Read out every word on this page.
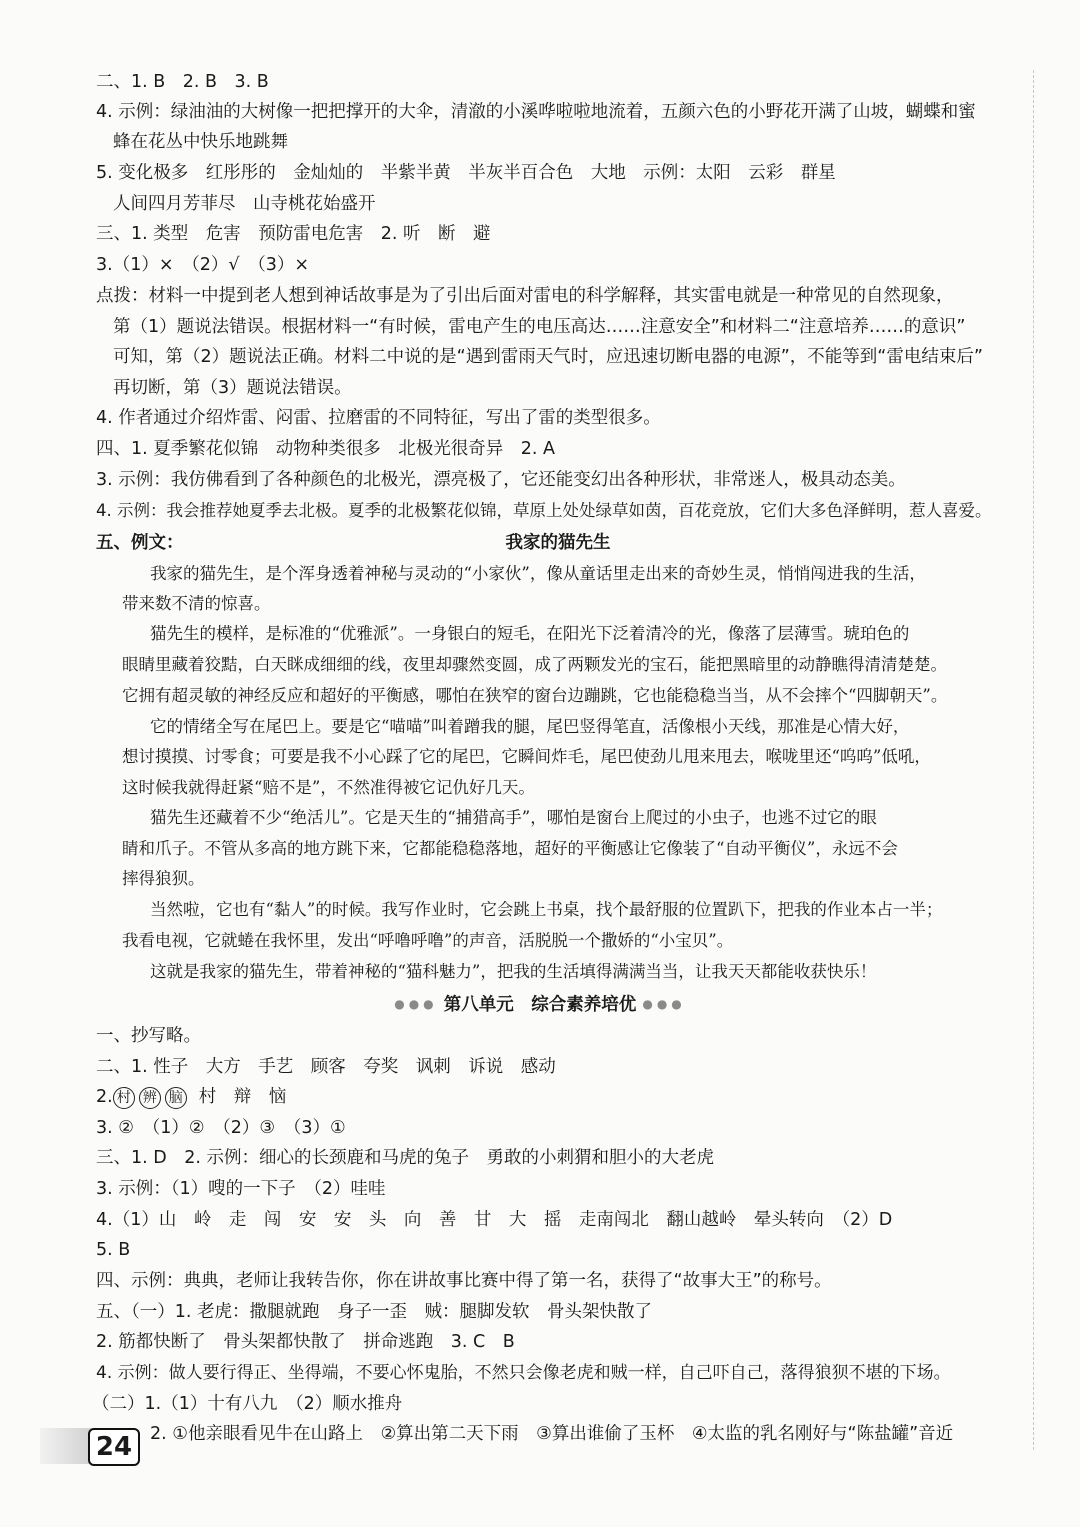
二、1. B　2. B　3. B
4. 示例：绿油油的大树像一把把撑开的大伞，清澈的小溪哗啦啦地流着，五颜六色的小野花开满了山坡，蝴蝶和蜜
蜂在花丛中快乐地跳舞
5. 变化极多　红彤彤的　金灿灿的　半紫半黄　半灰半百合色　大地　示例：太阳　云彩　群星
人间四月芳菲尽　山寺桃花始盛开
三、1. 类型　危害　预防雷电危害　2. 听　断　避
3.（1）×　（2）√　（3）×
点拨：材料一中提到老人想到神话故事是为了引出后面对雷电的科学解释，其实雷电就是一种常见的自然现象，
第（1）题说法错误。根据材料一“有时候，雷电产生的电压高达……注意安全”和材料二“注意培养……的意识”
可知，第（2）题说法正确。材料二中说的是“遇到雷雨天气时，应迅速切断电器的电源”，不能等到“雷电结束后”
再切断，第（3）题说法错误。
4. 作者通过介绍炸雷、闷雷、拉磨雷的不同特征，写出了雷的类型很多。
四、1. 夏季繁花似锦　动物种类很多　北极光很奇异　2. A
3. 示例：我仿佛看到了各种颜色的北极光，漂亮极了，它还能变幻出各种形状，非常迷人，极具动态美。
4. 示例：我会推荐她夏季去北极。夏季的北极繁花似锦，草原上处处绿草如茵，百花竞放，它们大多色泽鲜明，惹人喜爱。
五、例文：	我家的猫先生
我家的猫先生，是个浑身透着神秘与灵动的“小家伙”，像从童话里走出来的奇妙生灵，悄悄闯进我的生活，
带来数不清的惊喜。
猫先生的模样，是标准的“优雅派”。一身银白的短毛，在阳光下泛着清冷的光，像落了层薄雪。琥珀色的
眼睛里藏着狡黠，白天眯成细细的线，夜里却骤然变圆，成了两颗发光的宝石，能把黑暗里的动静瞧得清清楚楚。
它拥有超灵敏的神经反应和超好的平衡感，哪怕在狭窄的窗台边蹦跳，它也能稳稳当当，从不会摔个“四脚朝天”。
它的情绪全写在尾巴上。要是它“喵喵”叫着蹭我的腿，尾巴竖得笔直，活像根小天线，那准是心情大好，
想讨摸摸、讨零食；可要是我不小心踩了它的尾巴，它瞬间炸毛，尾巴使劲儿甩来甩去，喉咙里还“呜呜”低吼，
这时候我就得赶紧“赔不是”，不然准得被它记仇好几天。
猫先生还藏着不少“绝活儿”。它是天生的“捕猎高手”，哪怕是窗台上爬过的小虫子，也逃不过它的眼
睛和爪子。不管从多高的地方跳下来，它都能稳稳落地，超好的平衡感让它像装了“自动平衡仪”，永远不会
摔得狼狈。
当然啦，它也有“黏人”的时候。我写作业时，它会跳上书桌，找个最舒服的位置趴下，把我的作业本占一半；
我看电视，它就蜷在我怀里，发出“呼噜呼噜”的声音，活脱脱一个撒娇的“小宝贝”。
这就是我家的猫先生，带着神秘的“猫科魅力”，把我的生活填得满满当当，让我天天都能收获快乐！
●●● 第八单元　综合素养培优 ●●●
一、抄写略。
二、1. 性子　大方　手艺　顾客　夸奖　讽刺　诉说　感动
2. 村 辨 脑 村　辩　恼
3. ②　（1）②　（2）③　（3）①
三、1. D　2. 示例：细心的长颈鹿和马虎的兔子　勇敢的小刺猬和胆小的大老虎
3. 示例：（1）嗖的一下子　（2）哇哇
4.（1）山　岭　走　闯　安　安　头　向　善　甘　大　摇　走南闯北　翻山越岭　晕头转向　（2）D
5. B
四、示例：典典，老师让我转告你，你在讲故事比赛中得了第一名，获得了“故事大王”的称号。
五、（一）1. 老虎：撒腿就跑　身子一歪　贼：腿脚发软　骨头架快散了
2. 筋都快断了　骨头架都快散了　拼命逃跑　3. C　B
4. 示例：做人要行得正、坐得端，不要心怀鬼胎，不然只会像老虎和贼一样，自己吓自己，落得狼狈不堪的下场。
（二）1.（1）十有八九　（2）顺水推舟
2. ①他亲眼看见牛在山路上　②算出第二天下雨　③算出谁偷了玉杯　④太监的乳名刚好与“陈盐罐”音近
24
